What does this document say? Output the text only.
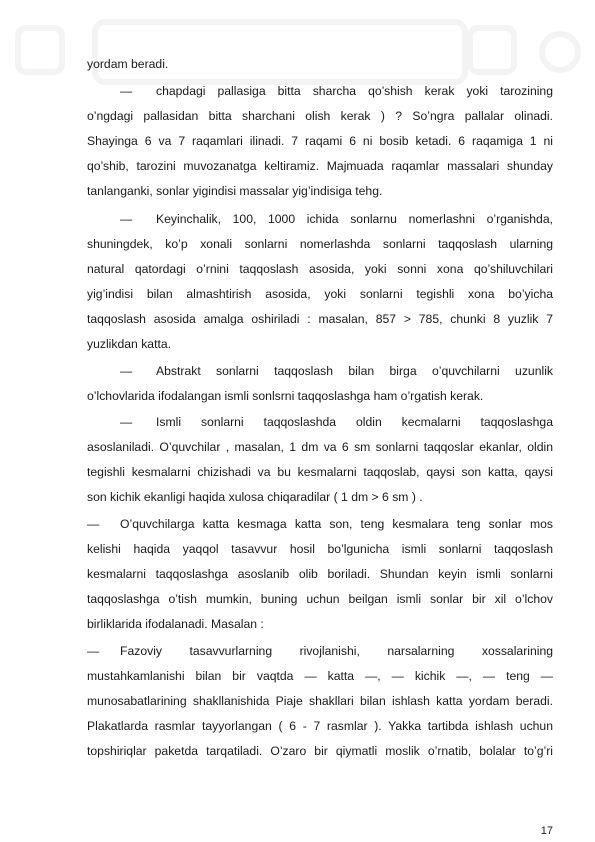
yordam beradi.
— chapdagi pallasiga bitta sharcha qo’shish kerak yoki tarozining
o’ngdagi pallasidan bitta sharchani olish kerak ) ? So’ngra pallalar olinadi.
Shayinga 6 va 7 raqamlari ilinadi. 7 raqami 6 ni bosib ketadi. 6 raqamiga 1 ni
qo’shib, tarozini muvozanatga keltiramiz. Majmuada raqamlar massalari shunday
tanlanganki, sonlar yigindisi massalar yig’indisiga tehg.
— Keyinchalik, 100, 1000 ichida sonlarnu nomerlashni o’rganishda,
shuningdek, ko’p xonali sonlarni nomerlashda sonlarni taqqoslash ularning
natural qatordagi o’rnini taqqoslash asosida, yoki sonni xona qo’shiluvchilari
yig’indisi bilan almashtirish asosida, yoki sonlarni tegishli xona bo’yicha
taqqoslash asosida amalga oshiriladi : masalan, 857 > 785, chunki 8 yuzlik 7
yuzlikdan katta.
— Abstrakt sonlarni taqqoslash bilan birga o’quvchilarni uzunlik
o’lchovlarida ifodalangan ismli sonlsrni taqqoslashga ham o’rgatish kerak.
— Ismli sonlarni taqqoslashda oldin kecmalarni taqqoslashga
asoslaniladi. O’quvchilar , masalan, 1 dm va 6 sm sonlarni taqqoslar ekanlar, oldin
tegishli kesmalarni chizishadi va bu kesmalarni taqqoslab, qaysi son katta, qaysi
son kichik ekanligi haqida xulosa chiqaradilar ( 1 dm > 6 sm ) .
— O’quvchilarga katta kesmaga katta son, teng kesmalara teng sonlar mos
kelishi haqida yaqqol tasavvur hosil bo’lgunicha ismli sonlarni taqqoslash
kesmalarni taqqoslashga asoslanib olib boriladi. Shundan keyin ismli sonlarni
taqqoslashga o’tish mumkin, buning uchun beilgan ismli sonlar bir xil o’lchov
birliklarida ifodalanadi. Masalan :
— Fazoviy tasavvurlarning rivojlanishi, narsalarning xossalarining
mustahkamlanishi bilan bir vaqtda — katta —, — kichik —, — teng —
munosabatlarining shakllanishida Piaje shakllari bilan ishlash katta yordam beradi.
Plakatlarda rasmlar tayyorlangan ( 6 - 7 rasmlar ). Yakka tartibda ishlash uchun
topshiriqlar paketda tarqatiladi. O’zaro bir qiymatli moslik o’rnatib, bolalar to’g’ri
17
